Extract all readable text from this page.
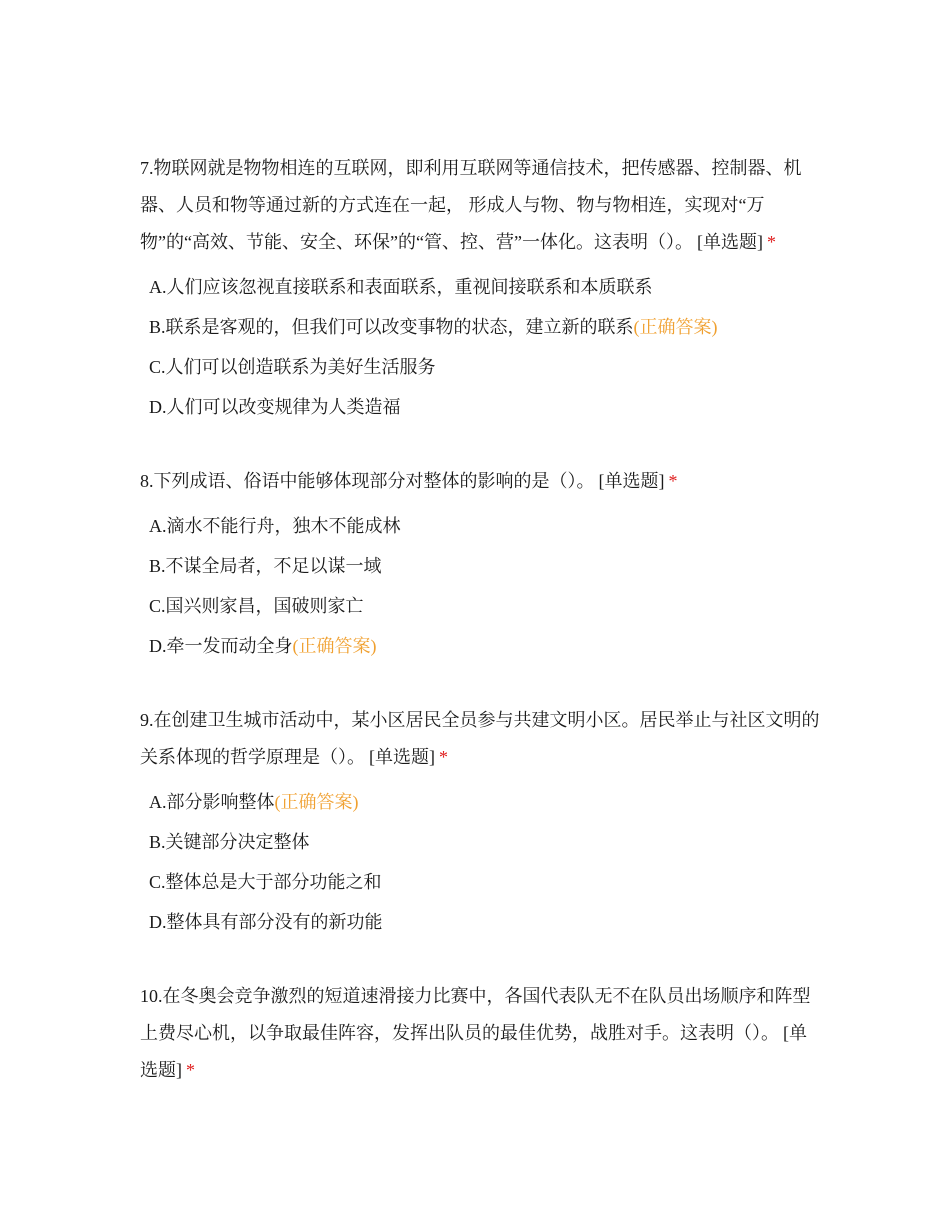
7.物联网就是物物相连的互联网，即利用互联网等通信技术，把传感器、控制器、机器、人员和物等通过新的方式连在一起， 形成人与物、物与物相连，实现对“万物”的“高效、节能、安全、环保”的“管、控、营”一体化。这表明（）。 [单选题] *

A.人们应该忽视直接联系和表面联系，重视间接联系和本质联系
B.联系是客观的，但我们可以改变事物的状态，建立新的联系(正确答案)
C.人们可以创造联系为美好生活服务
D.人们可以改变规律为人类造福

8.下列成语、俗语中能够体现部分对整体的影响的是（）。 [单选题] *

A.滴水不能行舟，独木不能成林
B.不谋全局者，不足以谋一域
C.国兴则家昌，国破则家亡
D.牵一发而动全身(正确答案)

9.在创建卫生城市活动中，某小区居民全员参与共建文明小区。居民举止与社区文明的关系体现的哲学原理是（）。 [单选题] *

A.部分影响整体(正确答案)
B.关键部分决定整体
C.整体总是大于部分功能之和
D.整体具有部分没有的新功能

10.在冬奥会竞争激烈的短道速滑接力比赛中，各国代表队无不在队员出场顺序和阵型上费尽心机，以争取最佳阵容，发挥出队员的最佳优势，战胜对手。这表明（）。 [单选题] *
